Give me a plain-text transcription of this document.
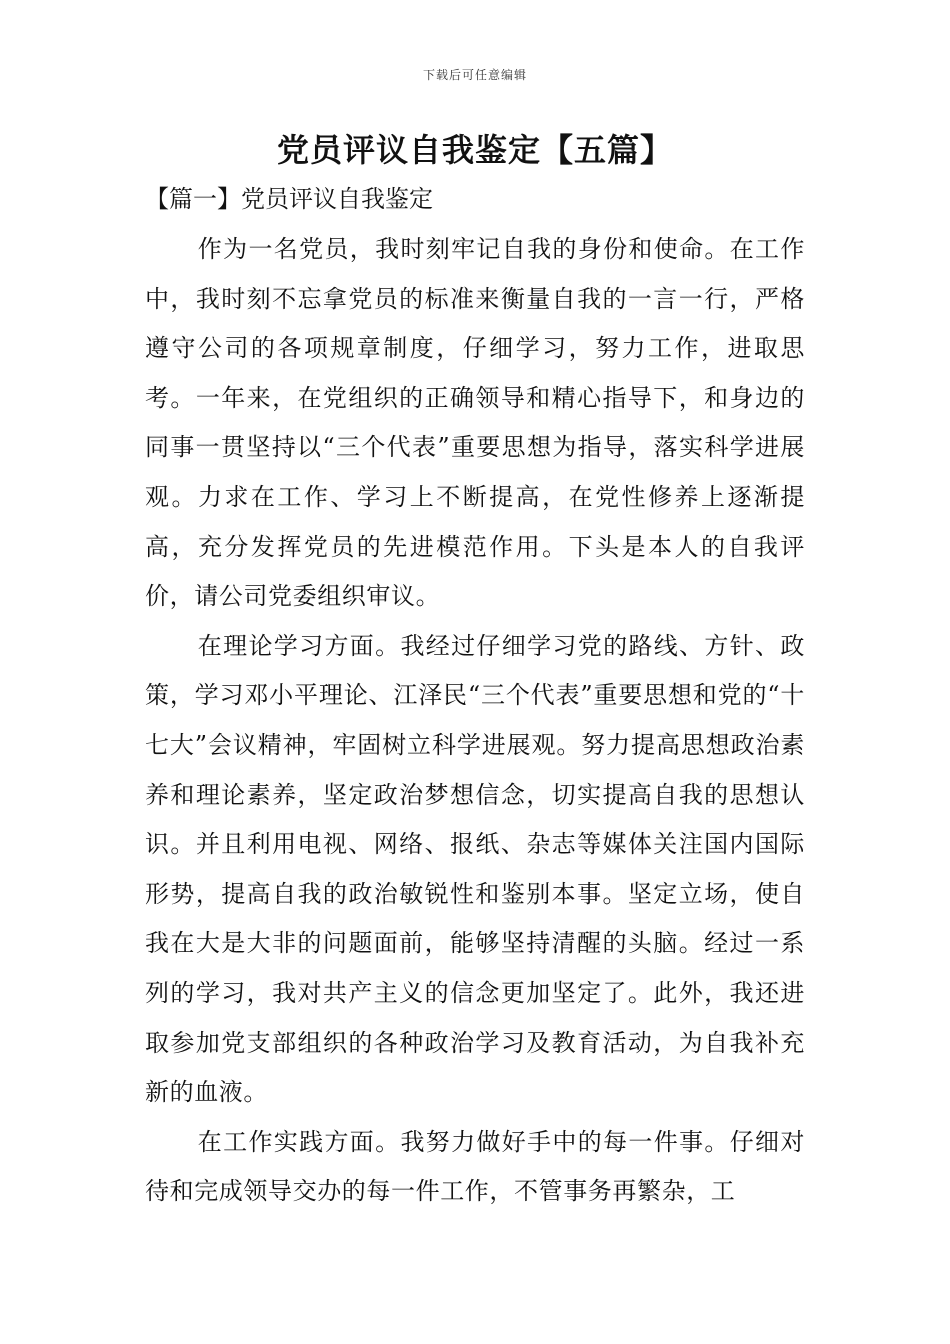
下载后可任意编辑
党员评议自我鉴定【五篇】
【篇一】党员评议自我鉴定

作为一名党员，我时刻牢记自我的身份和使命。在工作中，我时刻不忘拿党员的标准来衡量自我的一言一行，严格遵守公司的各项规章制度，仔细学习，努力工作，进取思考。一年来，在党组织的正确领导和精心指导下，和身边的同事一贯坚持以“三个代表”重要思想为指导，落实科学进展观。力求在工作、学习上不断提高，在党性修养上逐渐提高，充分发挥党员的先进模范作用。下头是本人的自我评价，请公司党委组织审议。

在理论学习方面。我经过仔细学习党的路线、方针、政策，学习邓小平理论、江泽民“三个代表”重要思想和党的“十七大”会议精神，牢固树立科学进展观。努力提高思想政治素养和理论素养，坚定政治梦想信念，切实提高自我的思想认识。并且利用电视、网络、报纸、杂志等媒体关注国内国际形势，提高自我的政治敏锐性和鉴别本事。坚定立场，使自我在大是大非的问题面前，能够坚持清醒的头脑。经过一系列的学习，我对共产主义的信念更加坚定了。此外，我还进取参加党支部组织的各种政治学习及教育活动，为自我补充新的血液。

在工作实践方面。我努力做好手中的每一件事。仔细对待和完成领导交办的每一件工作，不管事务再繁杂，工
